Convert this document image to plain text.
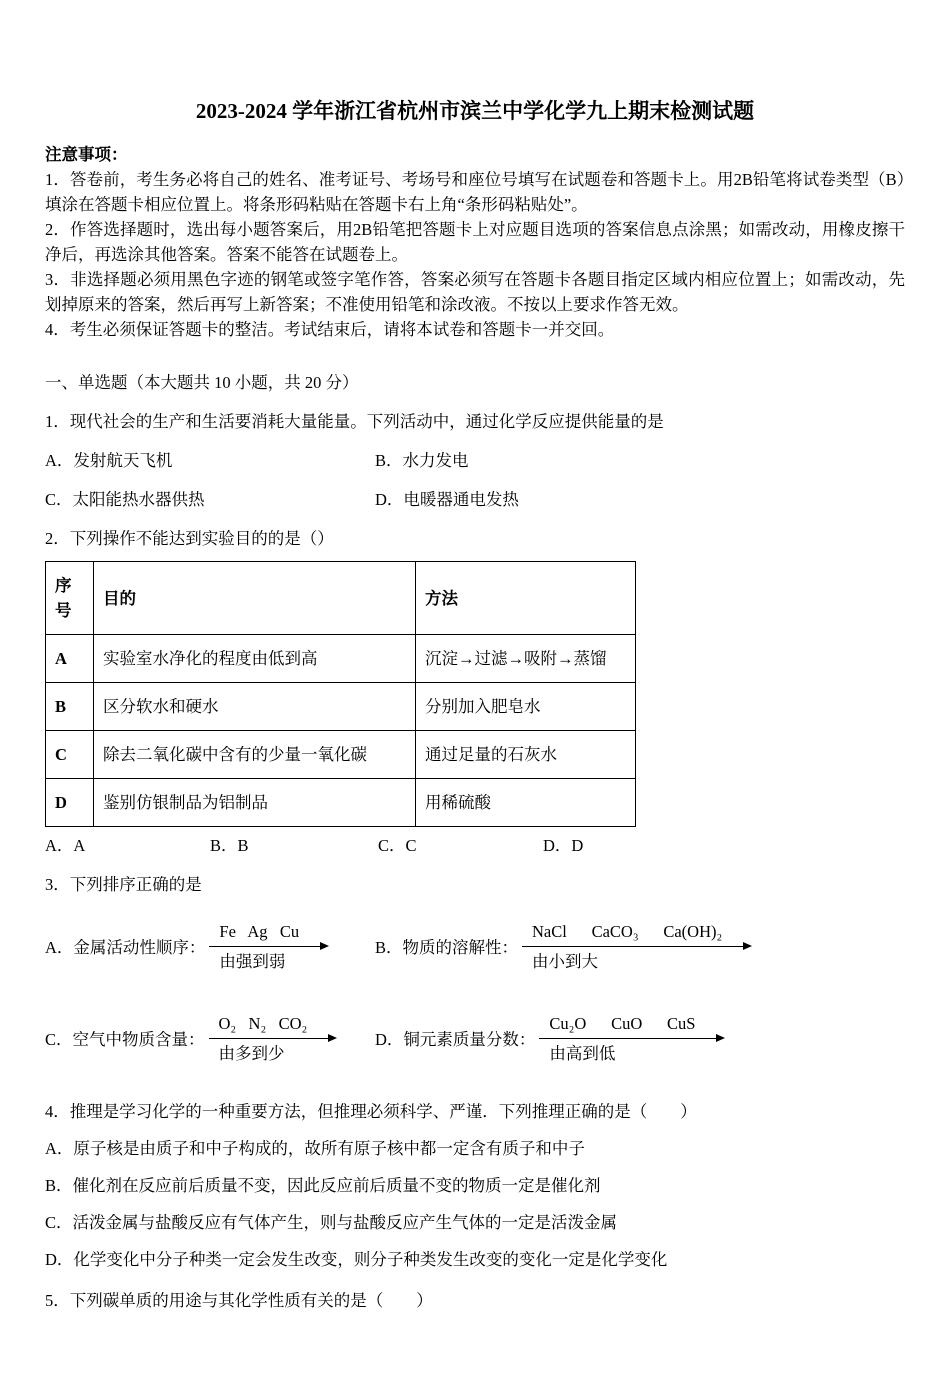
2023-2024 学年浙江省杭州市滨兰中学化学九上期末检测试题

注意事项：

1．答卷前，考生务必将自己的姓名、准考证号、考场号和座位号填写在试题卷和答题卡上。用2B铅笔将试卷类型（B）填涂在答题卡相应位置上。将条形码粘贴在答题卡右上角“条形码粘贴处”。

2．作答选择题时，选出每小题答案后，用2B铅笔把答题卡上对应题目选项的答案信息点涂黑；如需改动，用橡皮擦干净后，再选涂其他答案。答案不能答在试题卷上。

3．非选择题必须用黑色字迹的钢笔或签字笔作答，答案必须写在答题卡各题目指定区域内相应位置上；如需改动，先划掉原来的答案，然后再写上新答案；不准使用铅笔和涂改液。不按以上要求作答无效。

4．考生必须保证答题卡的整洁。考试结束后，请将本试卷和答题卡一并交回。

一、单选题（本大题共 10 小题，共 20 分）

1．现代社会的生产和生活要消耗大量能量。下列活动中，通过化学反应提供能量的是

A．发射航天飞机	B．水力发电
C．太阳能热水器供热	D．电暖器通电发热

2．下列操作不能达到实验目的的是（）

序号	目的	方法
A	实验室水净化的程度由低到高	沉淀→过滤→吸附→蒸馏
B	区分软水和硬水	分别加入肥皂水
C	除去二氧化碳中含有的少量一氧化碳	通过足量的石灰水
D	鉴别仿银制品为铝制品	用稀硫酸
A．A	B．B	C．C	D．D

3．下列排序正确的是

A．金属活动性顺序：
Fe   Ag   Cu
由强到弱
B．物质的溶解性：
NaCl      CaCO₃      Ca(OH)₂
由小到大
C．空气中物质含量：
O₂   N₂   CO₂
由多到少
D．铜元素质量分数：
Cu₂O      CuO      CuS
由高到低

4．推理是学习化学的一种重要方法，但推理必须科学、严谨．下列推理正确的是（　　）

A．原子核是由质子和中子构成的，故所有原子核中都一定含有质子和中子

B．催化剂在反应前后质量不变，因此反应前后质量不变的物质一定是催化剂

C．活泼金属与盐酸反应有气体产生，则与盐酸反应产生气体的一定是活泼金属

D．化学变化中分子种类一定会发生改变，则分子种类发生改变的变化一定是化学变化

5．下列碳单质的用途与其化学性质有关的是（　　）
